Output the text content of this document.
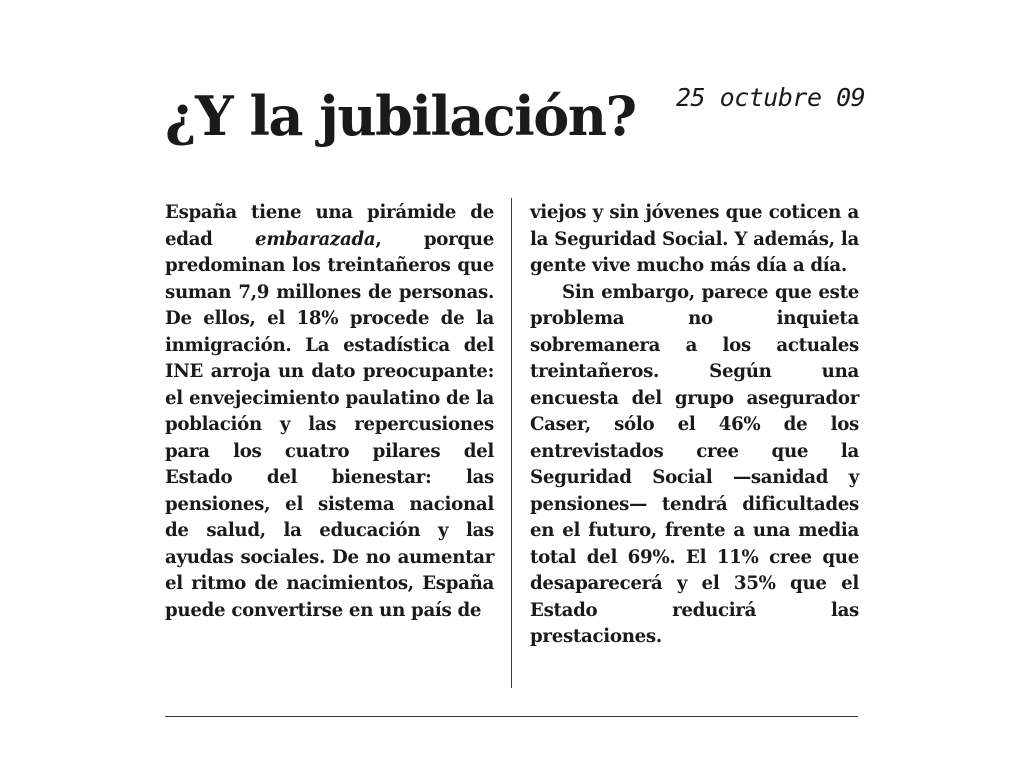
¿Y la jubilación? 25 octubre 09

España tiene una pirámide de edad embarazada, porque predominan los treintañeros que suman 7,9 millones de personas. De ellos, el 18% procede de la inmigración. La estadística del INE arroja un dato preocupante: el envejecimiento paulatino de la población y las repercusiones para los cuatro pilares del Estado del bienestar: las pensiones, el sistema nacional de salud, la educación y las ayudas sociales. De no aumentar el ritmo de nacimientos, España puede convertirse en un país de

viejos y sin jóvenes que coticen a la Seguridad Social. Y además, la gente vive mucho más día a día.

Sin embargo, parece que este problema no inquieta sobremanera a los actuales treintañeros. Según una encuesta del grupo asegurador Caser, sólo el 46% de los entrevistados cree que la Seguridad Social —sanidad y pensiones— tendrá dificultades en el futuro, frente a una media total del 69%. El 11% cree que desaparecerá y el 35% que el Estado reducirá las prestaciones.
